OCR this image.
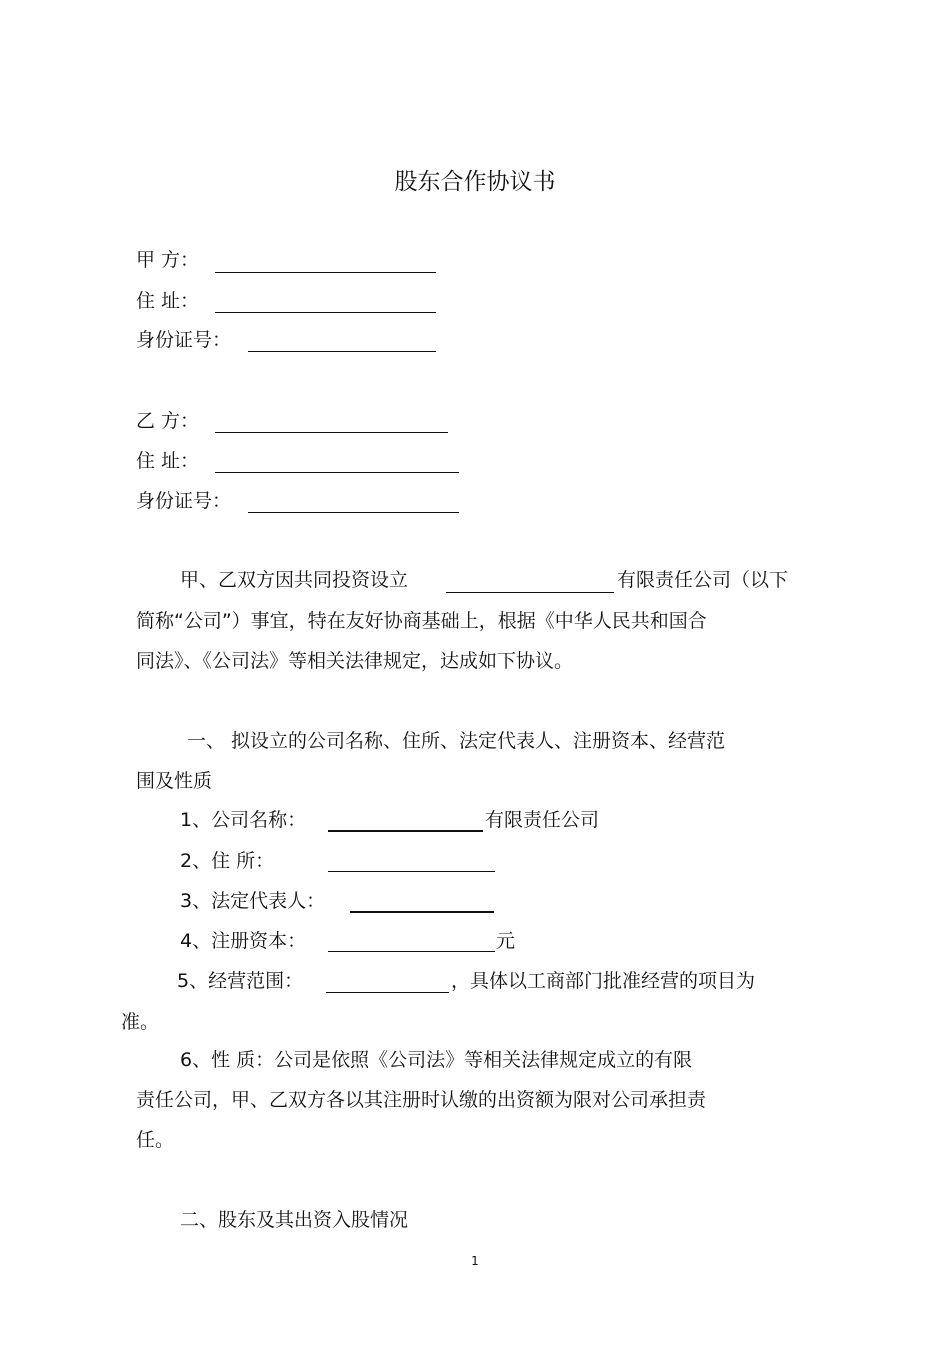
股东合作协议书
甲 方：
住 址：
身份证号：
乙 方：
住 址：
身份证号：
甲、乙双方因共同投资设立	有限责任公司（以下
简称“公司”）事宜，特在友好协商基础上，根据《中华人民共和国合
同法》、《公司法》等相关法律规定，达成如下协议。
一、 拟设立的公司名称、住所、法定代表人、注册资本、经营范
围及性质
1、公司名称：	有限责任公司
2、住 所：
3、法定代表人：
4、注册资本：	元
5、经营范围：	，具体以工商部门批准经营的项目为
准。
6、性 质：公司是依照《公司法》等相关法律规定成立的有限
责任公司，甲、乙双方各以其注册时认缴的出资额为限对公司承担责
任。
二、股东及其出资入股情况
1
